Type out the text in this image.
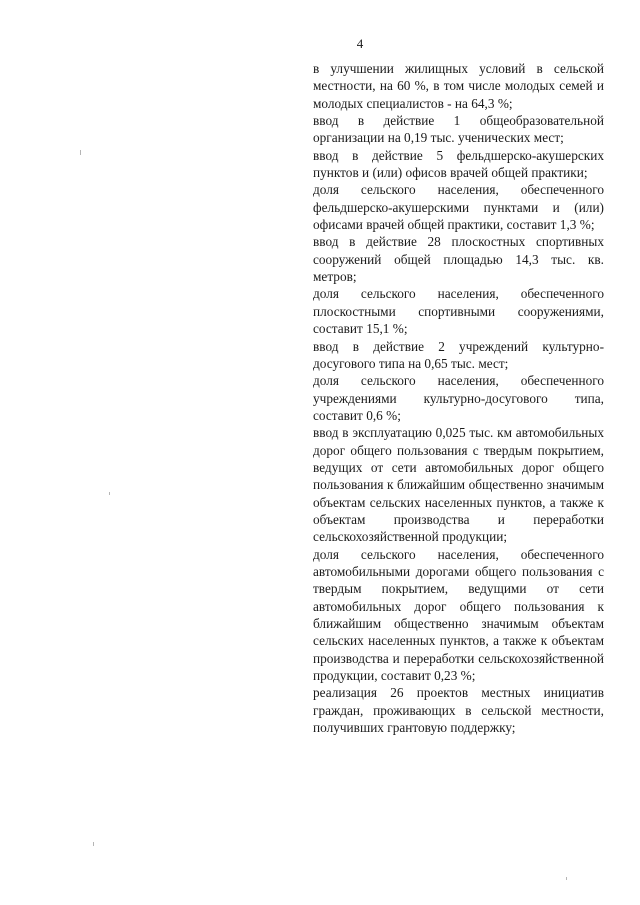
4

в улучшении жилищных условий в сельской местности, на 60 %, в том числе молодых семей и молодых специалистов - на 64,3 %;

ввод в действие 1 общеобразовательной организации на 0,19 тыс. ученических мест;

ввод в действие 5 фельдшерско-акушерских пунктов и (или) офисов врачей общей практики;

доля сельского населения, обеспеченного фельдшерско-акушерскими пунктами и (или) офисами врачей общей практики, составит 1,3 %;

ввод в действие 28 плоскостных спортивных сооружений общей площадью 14,3 тыс. кв. метров;

доля сельского населения, обеспеченного плоскостными спортивными сооружениями, составит 15,1 %;

ввод в действие 2 учреждений культурно-досугового типа на 0,65 тыс. мест;

доля сельского населения, обеспеченного учреждениями культурно-досугового типа, составит 0,6 %;

ввод в эксплуатацию 0,025 тыс. км автомобильных дорог общего пользования с твердым покрытием, ведущих от сети автомобильных дорог общего пользования к ближайшим общественно значимым объектам сельских населенных пунктов, а также к объектам производства и переработки сельскохозяйственной продукции;

доля сельского населения, обеспеченного автомобильными дорогами общего пользования с твердым покрытием, ведущими от сети автомобильных дорог общего пользования к ближайшим общественно значимым объектам сельских населенных пунктов, а также к объектам производства и переработки сельскохозяйственной продукции, составит 0,23 %;

реализация 26 проектов местных инициатив граждан, проживающих в сельской местности, получивших грантовую поддержку;
